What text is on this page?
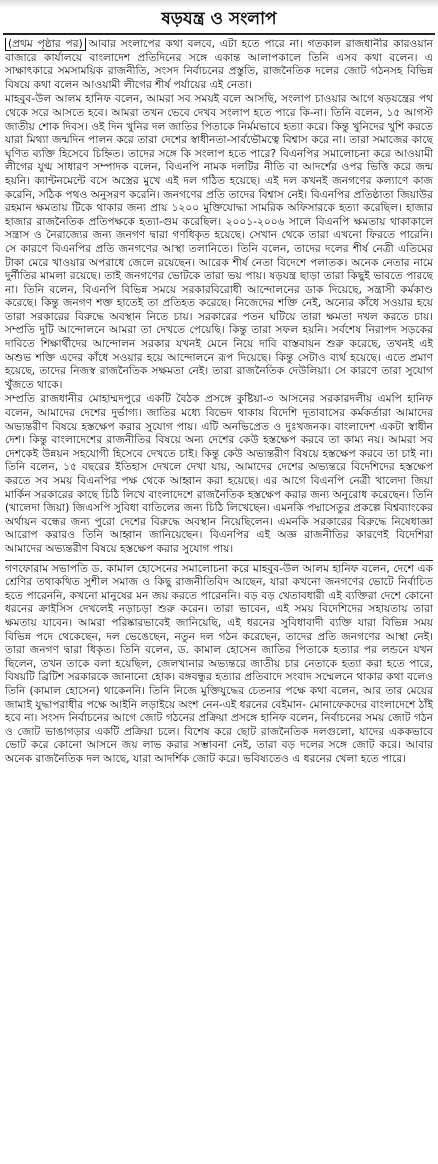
ষড়যন্ত্র ও সংলাপ

(প্রথম পৃষ্ঠার পর) আবার সংলাপের কথা বলবে, এটা হতে পারে না। গতকাল রাজধানীর কারওয়ান বাজারে কার্যালয়ে বাংলাদেশ প্রতিদিনের সঙ্গে একান্ত আলাপকালে তিনি এসব কথা বলেন। এ সাক্ষাৎকারে সমসাময়িক রাজনীতি, সংসদ নির্বাচনের প্রস্তুতি, রাজনৈতিক দলের জোট গঠনসহ বিভিন্ন বিষয়ে কথা বলেন আওয়ামী লীগের শীর্ষ পর্যায়ের এই নেতা।

মাহবুব-উল আলম হানিফ বলেন, আমরা সব সময়ই বলে আসছি, সংলাপ চাওয়ার আগে ষড়যন্ত্রের পথ থেকে সরে আসতে হবে। আমরা তখন ভেবে দেখব সংলাপ হতে পারে কি-না। তিনি বলেন, ১৫ আগস্ট জাতীয় শোক দিবস। ওই দিন খুনির দল জাতির পিতাকে নির্মমভাবে হত্যা করে। কিন্তু খুনিদের খুশি করতে যারা মিথ্যা জন্মদিন পালন করে তারা দেশের স্বাধীনতা-সার্বভৌমত্বে বিশ্বাস করে না। তারা সমাজের কাছে ঘৃণিত ব্যক্তি হিসেবে চিহ্নিত। তাদের সঙ্গে কি সংলাপ হতে পারে? বিএনপির সমালোচনা করে আওয়ামী লীগের যুগ্ম সাধারণ সম্পাদক বলেন, বিএনপি নামক দলটির নীতি বা আদর্শের ওপর ভিত্তি করে জন্ম হয়নি। ক্যান্টনমেন্টে বসে অস্ত্রের মুখে এই দল গঠিত হয়েছে। এই দল কখনই জনগণের কল্যাণে কাজ করেনি, সঠিক পথও অনুসরণ করেনি। জনগণের প্রতি তাদের বিশ্বাস নেই। বিএনপির প্রতিষ্ঠাতা জিয়াউর রহমান ক্ষমতায় টিকে থাকার জন্য প্রায় ১২০০ মুক্তিযোদ্ধা সামরিক অফিসারকে হত্যা করেছিল। হাজার হাজার রাজনৈতিক প্রতিপক্ষকে হত্যা-গুম করেছিল। ২০০১-২০০৬ সালে বিএনপি ক্ষমতায় থাকাকালে সন্ত্রাস ও নৈরাজ্যের জন্য জনগণ দ্বারা গণধিকৃত হয়েছে। সেখান থেকে তারা এখনো ফিরতে পারেনি। সে কারণে বিএনপির প্রতি জনগণের আস্থা তলানিতে। তিনি বলেন, তাদের দলের শীর্ষ নেত্রী এতিমের টাকা মেরে খাওয়ার অপরাধে জেলে রয়েছেন। আরেক শীর্ষ নেতা বিদেশে পলাতক। অনেক নেতার নামে দুর্নীতির মামলা রয়েছে। তাই জনগণের ভোটকে তারা ভয় পায়। ষড়যন্ত্র ছাড়া তারা কিছুই ভাবতে পারছে না। তিনি বলেন, বিএনপি বিভিন্ন সময়ে সরকারবিরোধী আন্দোলনের ডাক দিয়েছে, সন্ত্রাসী কর্মকাণ্ড করেছে। কিন্তু জনগণ শক্ত হাতেই তা প্রতিহত করেছে। নিজেদের শক্তি নেই, অন্যের কাঁধে সওয়ার হয়ে তারা সরকারের বিরুদ্ধে অবস্থান নিতে চায়। সরকারের পতন ঘটিয়ে তারা ক্ষমতা দখল করতে চায়। সম্প্রতি দুটি আন্দোলনে আমরা তা দেখতে পেয়েছি। কিন্তু তারা সফল হয়নি। সর্বশেষ নিরাপদ সড়কের দাবিতে শিক্ষার্থীদের আন্দোলন সরকার যখনই মেনে নিয়ে দাবি বাস্তবায়ন শুরু করেছে, তখনই এই অশুভ শক্তি এদের কাঁধে সওয়ার হয়ে আন্দোলনে রূপ দিয়েছে। কিন্তু সেটাও ব্যর্থ হয়েছে। এতে প্রমাণ হয়েছে, তাদের নিজস্ব রাজনৈতিক সক্ষমতা নেই। তারা রাজনৈতিক দেউলিয়া। সে কারণে তারা সুযোগ খুঁজতে থাকে।

সম্প্রতি রাজধানীর মোহাম্মদপুরে একটি বৈঠক প্রসঙ্গে কুষ্টিয়া-৩ আসনের সরকারদলীয় এমপি হানিফ বলেন, আমাদের দেশের দুর্ভাগ্য। জাতির মধ্যে বিভেদ থাকায় বিদেশি দূতাবাসের কর্মকর্তারা আমাদের অভ্যন্তরীণ বিষয়ে হস্তক্ষেপ করার সুযোগ পায়। এটি অনভিপ্রেত ও দুঃখজনক। বাংলাদেশ একটা স্বাধীন দেশ। কিন্তু বাংলাদেশের রাজনীতির বিষয়ে অন্য দেশের কেউ হস্তক্ষেপ করবে তা কাম্য নয়। আমরা সব দেশকেই উন্নয়ন সহযোগী হিসেবে দেখতে চাই। কিন্তু কেউ অভ্যন্তরীণ বিষয়ে হস্তক্ষেপ করবে তা চাই না। তিনি বলেন, ১৫ বছরের ইতিহাস দেখলে দেখা যায়, আমাদের দেশের অভ্যন্তরে বিদেশিদের হস্তক্ষেপ করতে সব সময় বিএনপির পক্ষ থেকে আহ্বান করা হয়েছে। এর আগে বিএনপি নেত্রী খালেদা জিয়া মার্কিন সরকারের কাছে চিঠি লিখে বাংলাদেশে রাজনৈতিক হস্তক্ষেপ করার জন্য অনুরোধ করেছেন। তিনি (খালেদা জিয়া) জিএসপি সুবিধা বাতিলের জন্য চিঠি লিখেছেন। এমনকি পদ্মাসেতুর প্রকল্পে বিশ্বব্যাংকের অর্থায়ন বন্ধের জন্য পুরো দেশের বিরুদ্ধে অবস্থান নিয়েছিলেন। এমনকি সরকারের বিরুদ্ধে নিষেধাজ্ঞা আরোপ করারও তিনি আহ্বান জানিয়েছেন। বিএনপির এই অজ্ঞ রাজনীতির কারণেই বিদেশিরা আমাদের অভ্যন্তরীণ বিষয়ে হস্তক্ষেপ করার সুযোগ পায়।

গণফোরাম সভাপতি ড. কামাল হোসেনের সমালোচনা করে মাহবুব-উল আলম হানিফ বলেন, দেশে এক শ্রেণির তথাকথিত সুশীল সমাজ ও কিছু রাজনীতিবিদ আছেন, যারা কখনো জনগণের ভোটে নির্বাচিত হতে পারেননি, কখনো মানুষের মন জয় করতে পারেননি। বড় বড় খেতাবধারী এই ব্যক্তিরা দেশে কোনো ধরনের ক্রাইসিস দেখলেই নড়াচড়া শুরু করেন। তারা ভাবেন, এই সময় বিদেশিদের সহায়তায় তারা ক্ষমতায় যাবেন। আমরা পরিষ্কারভাবেই জানিয়েছি, এই ধরনের সুবিধাবাদী ব্যক্তি যারা বিভিন্ন সময় বিভিন্ন পদে থেকেছেন, দল ভেঙেছেন, নতুন দল গঠন করেছেন, তাদের প্রতি জনগণের আস্থা নেই। তারা জনগণ দ্বারা ধিকৃত। তিনি বলেন, ড. কামাল হোসেন জাতির পিতাকে হত্যার পর লন্ডনে যখন ছিলেন, তখন তাকে বলা হয়েছিল, জেলখানার অভ্যন্তরে জাতীয় চার নেতাকে হত্যা করা হতে পারে, বিষয়টি ব্রিটিশ সরকারকে জানানো হোক। বঙ্গবন্ধুর হত্যার প্রতিবাদে সংবাদ সম্মেলনে থাকার কথা বলেও তিনি (কামাল হোসেন) থাকেননি। তিনি নিজে মুক্তিযুদ্ধের চেতনার পক্ষে কথা বলেন, আর তার মেয়ের জামাই যুদ্ধাপরাধীর পক্ষে আইনি লড়াইয়ে অংশ নেন-এই ধরনের বেইমান- মোনাফেকদের বাংলাদেশে ঠাঁই হবে না। সংসদ নির্বাচনের আগে জোট গঠনের প্রক্রিয়া প্রসঙ্গে হানিফ বলেন, নির্বাচনের সময় জোট গঠন ও জোট ভাঙাগড়ার একটি প্রক্রিয়া চলে। বিশেষ করে ছোট রাজনৈতিক দলগুলো, যাদের এককভাবে ভোট করে কোনো আসনে জয় লাভ করার সম্ভাবনা নেই, তারা বড় দলের সঙ্গে জোট করে। আবার অনেক রাজনৈতিক দল আছে, যারা আদর্শিক জোট করে। ভবিষ্যতেও এ ধরনের খেলা হতে পারে।
